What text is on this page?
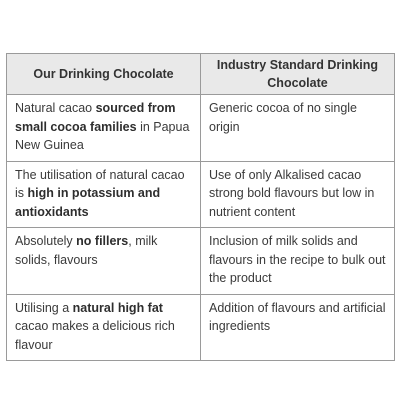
Our Drinking Chocolate	Industry Standard Drinking Chocolate
Natural cacao sourced from small cocoa families in Papua New Guinea	Generic cocoa of no single origin
The utilisation of natural cacao is high in potassium and antioxidants	Use of only Alkalised cacao strong bold flavours but low in nutrient content
Absolutely no fillers, milk solids, flavours	Inclusion of milk solids and flavours in the recipe to bulk out the product
Utilising a natural high fat cacao makes a delicious rich flavour	Addition of flavours and artificial ingredients
